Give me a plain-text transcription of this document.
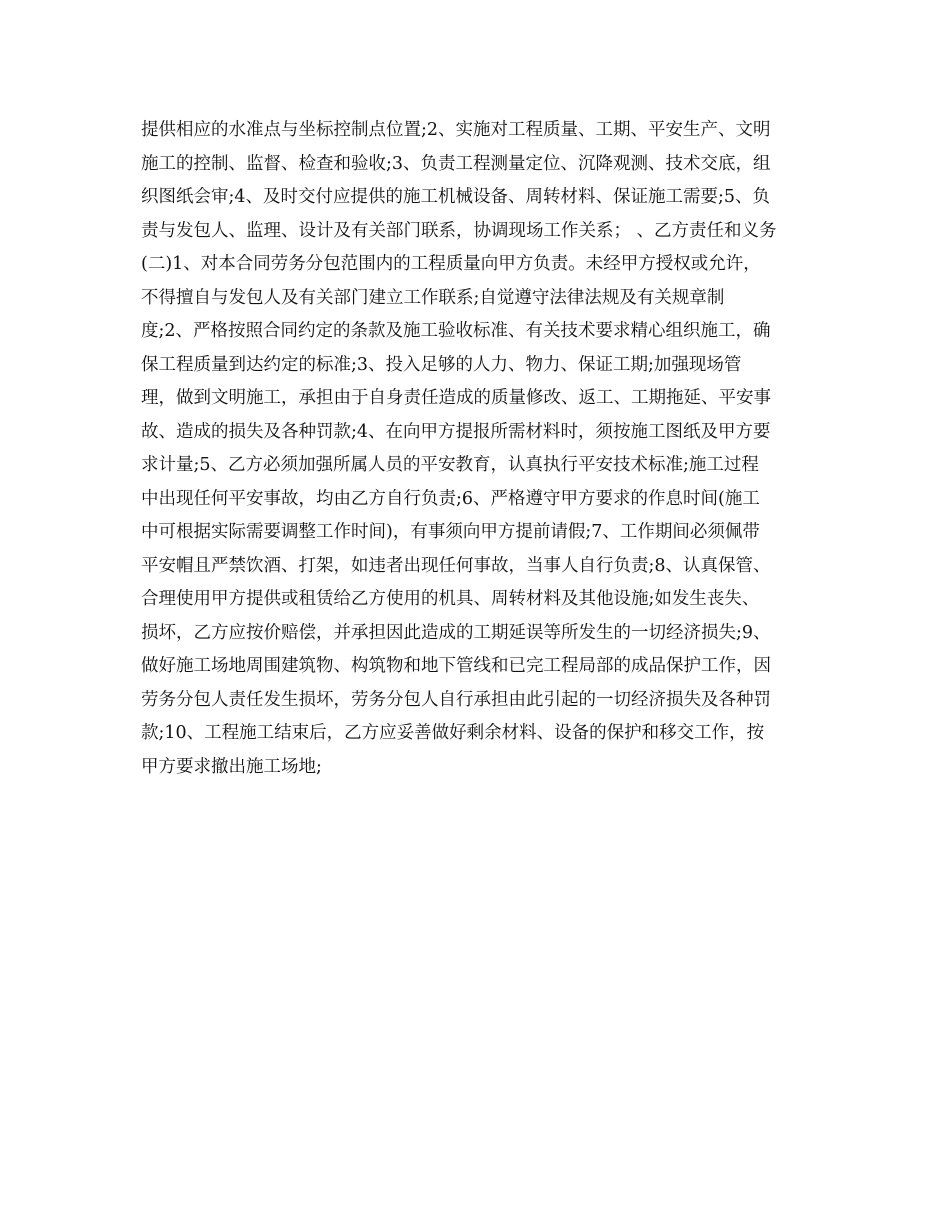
提供相应的水准点与坐标控制点位置;2、实施对工程质量、工期、平安生产、文明
施工的控制、监督、检查和验收;3、负责工程测量定位、沉降观测、技术交底，组
织图纸会审;4、及时交付应提供的施工机械设备、周转材料、保证施工需要;5、负
责与发包人、监理、设计及有关部门联系，协调现场工作关系； 、乙方责任和义务
(二)1、对本合同劳务分包范围内的工程质量向甲方负责。未经甲方授权或允许，
不得擅自与发包人及有关部门建立工作联系;自觉遵守法律法规及有关规章制
度;2、严格按照合同约定的条款及施工验收标准、有关技术要求精心组织施工，确
保工程质量到达约定的标准;3、投入足够的人力、物力、保证工期;加强现场管
理，做到文明施工，承担由于自身责任造成的质量修改、返工、工期拖延、平安事
故、造成的损失及各种罚款;4、在向甲方提报所需材料时，须按施工图纸及甲方要
求计量;5、乙方必须加强所属人员的平安教育，认真执行平安技术标准;施工过程
中出现任何平安事故，均由乙方自行负责;6、严格遵守甲方要求的作息时间(施工
中可根据实际需要调整工作时间)，有事须向甲方提前请假;7、工作期间必须佩带
平安帽且严禁饮酒、打架，如违者出现任何事故，当事人自行负责;8、认真保管、
合理使用甲方提供或租赁给乙方使用的机具、周转材料及其他设施;如发生丧失、
损坏，乙方应按价赔偿，并承担因此造成的工期延误等所发生的一切经济损失;9、
做好施工场地周围建筑物、构筑物和地下管线和已完工程局部的成品保护工作，因
劳务分包人责任发生损坏，劳务分包人自行承担由此引起的一切经济损失及各种罚
款;10、工程施工结束后，乙方应妥善做好剩余材料、设备的保护和移交工作，按
甲方要求撤出施工场地;
